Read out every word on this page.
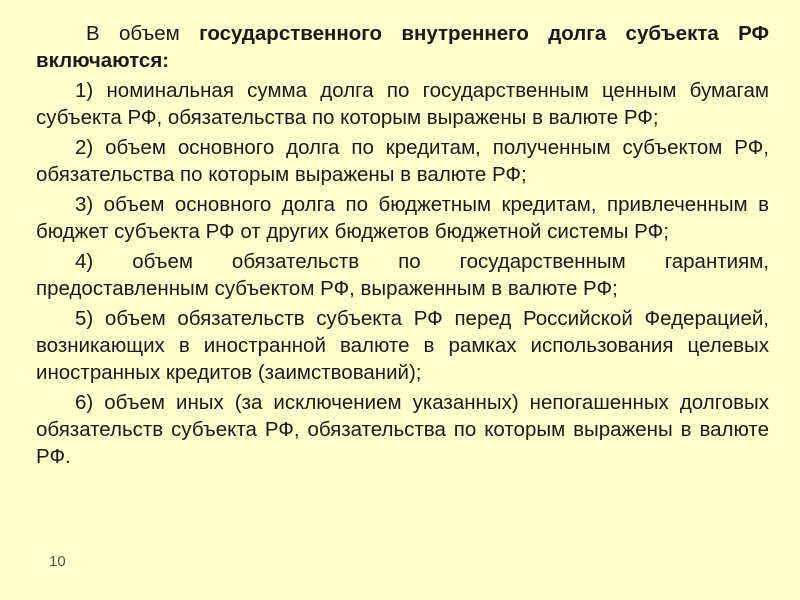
В объем государственного внутреннего долга субъекта РФ включаются:

1) номинальная сумма долга по государственным ценным бумагам субъекта РФ, обязательства по которым выражены в валюте РФ;

2) объем основного долга по кредитам, полученным субъектом РФ, обязательства по которым выражены в валюте РФ;

3) объем основного долга по бюджетным кредитам, привлеченным в бюджет субъекта РФ от других бюджетов бюджетной системы РФ;

4) объем обязательств по государственным гарантиям, предоставленным субъектом РФ, выраженным в валюте РФ;

5) объем обязательств субъекта РФ перед Российской Федерацией, возникающих в иностранной валюте в рамках использования целевых иностранных кредитов (заимствований);

6) объем иных (за исключением указанных) непогашенных долговых обязательств субъекта РФ, обязательства по которым выражены в валюте РФ.

10
